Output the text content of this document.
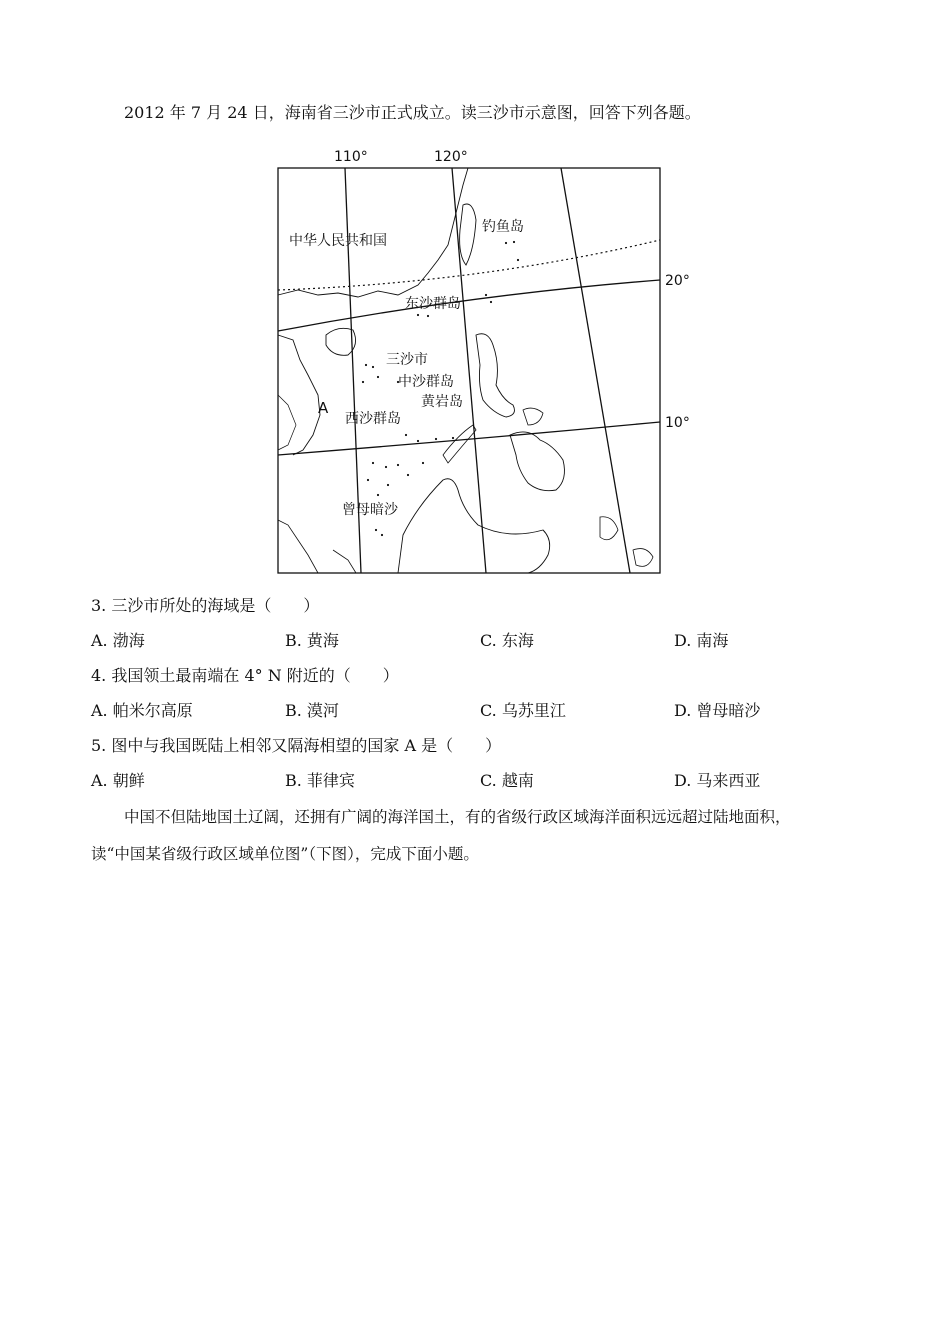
2012 年 7 月 24 日，海南省三沙市正式成立。读三沙市示意图，回答下列各题。
110°	120°
20°
10°
中华人民共和国
钓鱼岛
东沙群岛
三沙市
中沙群岛
黄岩岛
西沙群岛
曾母暗沙
A
3. 三沙市所处的海域是（　　）
A. 渤海	B. 黄海	C. 东海	D. 南海
4. 我国领土最南端在 4° N 附近的（　　）
A. 帕米尔高原	B. 漠河	C. 乌苏里江	D. 曾母暗沙
5. 图中与我国既陆上相邻又隔海相望的国家 A 是（　　）
A. 朝鲜	B. 菲律宾	C. 越南	D. 马来西亚
中国不但陆地国土辽阔，还拥有广阔的海洋国土，有的省级行政区域海洋面积远远超过陆地面积，
读“中国某省级行政区域单位图”（下图），完成下面小题。
